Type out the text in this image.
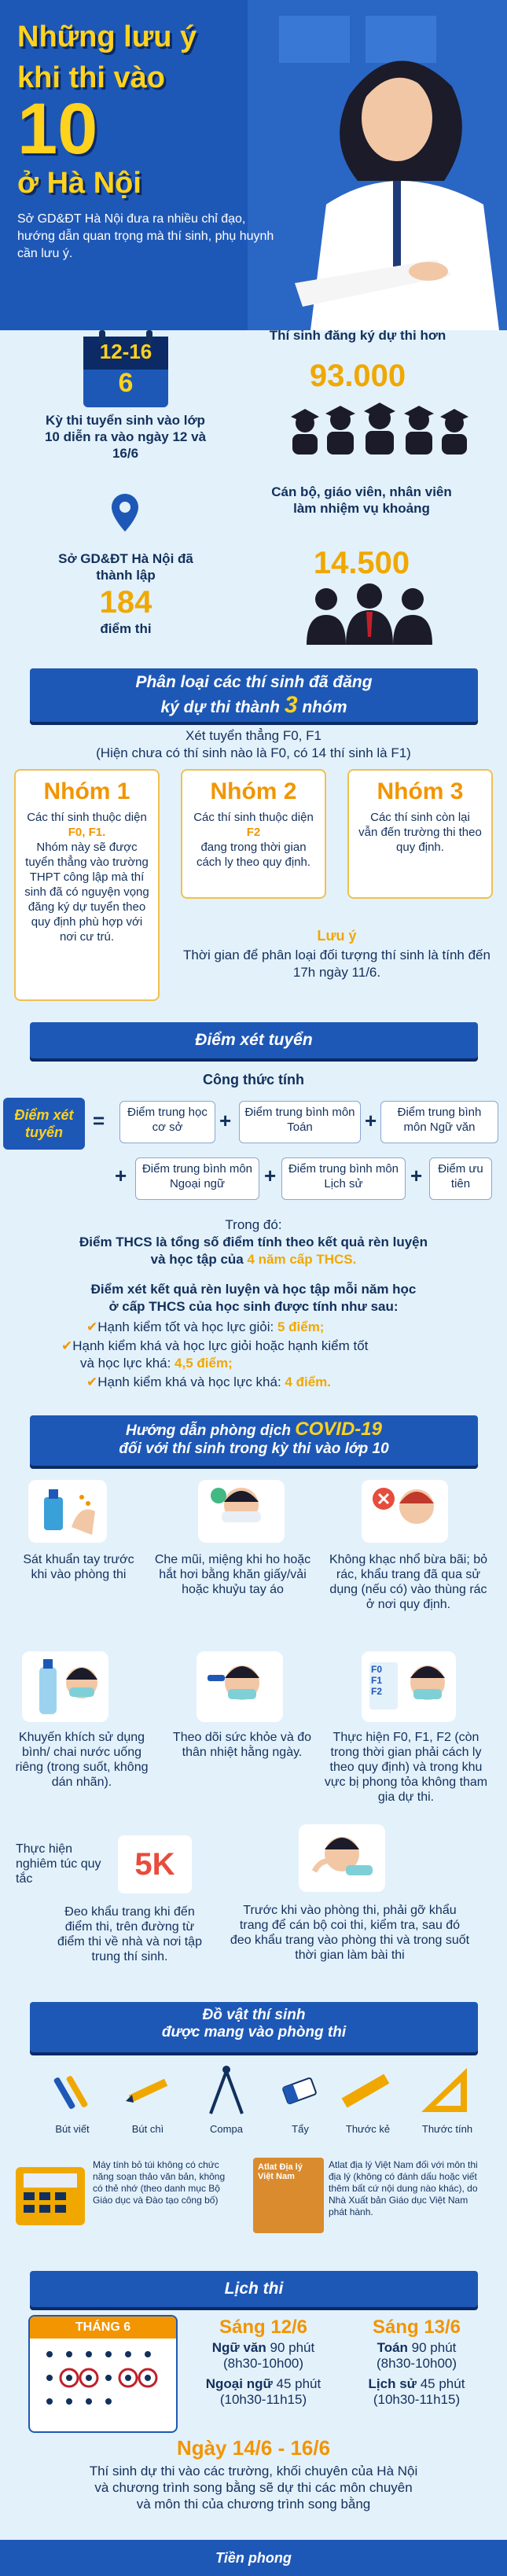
Những lưu ý
khi thi vào
10
ở Hà Nội

Sở GD&ĐT Hà Nội đưa ra nhiều chỉ đạo, hướng dẫn quan trọng mà thí sinh, phụ huynh cần lưu ý.

12-16
6
Kỳ thi tuyển sinh vào lớp 10 diễn ra vào ngày 12 và 16/6
Thí sinh đăng ký dự thi hơn
93.000
Sở GD&ĐT Hà Nội đã thành lập
184
điểm thi
Cán bộ, giáo viên, nhân viên làm nhiệm vụ khoảng
14.500
Phân loại các thí sinh đã đăng
ký dự thi thành 3 nhóm
Xét tuyển thẳng F0, F1
(Hiện chưa có thí sinh nào là F0, có 14 thí sinh là F1)
Nhóm 1

Các thí sinh thuộc diện
F0, F1.
Nhóm này sẽ được tuyển thẳng vào trường THPT công lập mà thí sinh đã có nguyện vọng đăng ký dự tuyển theo quy định phù hợp với nơi cư trú.

Nhóm 2

Các thí sinh thuộc diện
F2
đang trong thời gian cách ly theo quy định.

Nhóm 3

Các thí sinh còn lại
vẫn đến trường thi theo quy định.

Lưu ý
Thời gian để phân loại đối tượng thí sinh là tính đến 17h ngày 11/6.
Điểm xét tuyển
Công thức tính
Điểm xét tuyển	=	Điểm trung học cơ sở	+	Điểm trung bình môn Toán	+	Điểm trung bình môn Ngữ văn
+	Điểm trung bình môn Ngoại ngữ	+	Điểm trung bình môn Lịch sử	+	Điểm ưu tiên
Trong đó:
Điểm THCS là tổng số điểm tính theo kết quả rèn luyện
và học tập của 4 năm cấp THCS.
Điểm xét kết quả rèn luyện và học tập mỗi năm học
ở cấp THCS của học sinh được tính như sau:
✔Hạnh kiểm tốt và học lực giỏi: 5 điểm;
✔Hạnh kiểm khá và học lực giỏi hoặc hạnh kiểm tốt
và học lực khá: 4,5 điểm;
✔Hạnh kiểm khá và học lực khá: 4 điểm.
Hướng dẫn phòng dịch COVID-19
đối với thí sinh trong kỳ thi vào lớp 10
Sát khuẩn tay trước khi vào phòng thi
Che mũi, miệng khi ho hoặc hắt hơi bằng khăn giấy/vải hoặc khuỷu tay áo
Không khạc nhổ bừa bãi; bỏ rác, khẩu trang đã qua sử dụng (nếu có) vào thùng rác ở nơi quy định.
F0
F1
F2
Khuyến khích sử dụng bình/ chai nước uống riêng (trong suốt, không dán nhãn).
Theo dõi sức khỏe và đo thân nhiệt hằng ngày.
Thực hiện F0, F1, F2 (còn trong thời gian phải cách ly theo quy định) và trong khu vực bị phong tỏa không tham gia dự thi.
Thực hiện nghiêm túc quy tắc	5K
Đeo khẩu trang khi đến điểm thi, trên đường từ điểm thi về nhà và nơi tập trung thí sinh.
Trước khi vào phòng thi, phải gỡ khẩu trang để cán bộ coi thi, kiểm tra, sau đó đeo khẩu trang vào phòng thi và trong suốt thời gian làm bài thi
Đồ vật thí sinh
được mang vào phòng thi
Bút viết	Bút chì	Compa	Tẩy	Thước kẻ	Thước tính
Máy tính bỏ túi không có chức năng soạn thảo văn bản, không có thẻ nhớ (theo danh mục Bộ Giáo dục và Đào tạo công bố)
Atlat Địa lý Việt Nam
Atlat địa lý Việt Nam đối với môn thi địa lý (không có đánh dấu hoặc viết thêm bất cứ nội dung nào khác), do Nhà Xuất bản Giáo dục Việt Nam phát hành.
Lịch thi
THÁNG 6	Sáng 12/6
Ngữ văn 90 phút
(8h30-10h00)
Ngoại ngữ 45 phút
(10h30-11h15)
Sáng 13/6
Toán 90 phút
(8h30-10h00)
Lịch sử 45 phút
(10h30-11h15)
Ngày 14/6 - 16/6
Thí sinh dự thi vào các trường, khối chuyên của Hà Nội và chương trình song bằng sẽ dự thi các môn chuyên và môn thi của chương trình song bằng
Tiền phong
